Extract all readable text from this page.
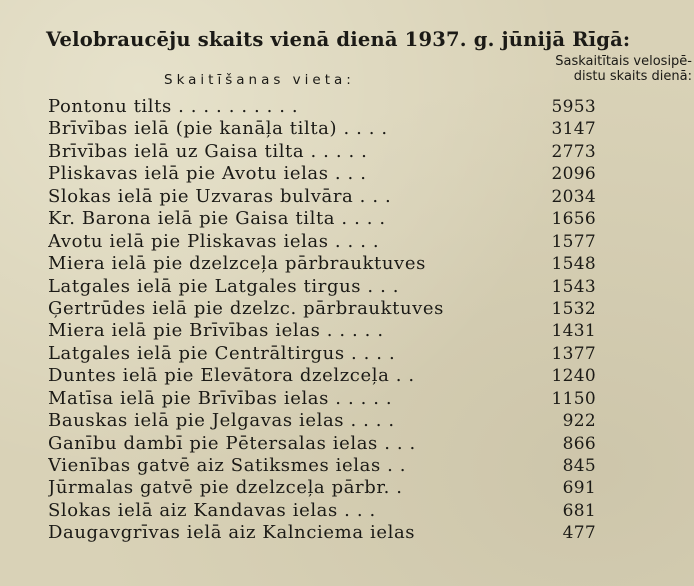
Velobraucēju skaits vienā dienā 1937. g. jūnijā Rīgā:
Skaitīšanas vieta:
Saskaitītais velosipē-
distu skaits dienā:
Pontonu tilts . . . . . . . . . .	5953
Brīvības ielā (pie kanāļa tilta) . . . .	3147
Brīvības ielā uz Gaisa tilta . . . . .	2773
Pliskavas ielā pie Avotu ielas . . .	2096
Slokas ielā pie Uzvaras bulvāra . . .	2034
Kr. Barona ielā pie Gaisa tilta . . . .	1656
Avotu ielā pie Pliskavas ielas . . . .	1577
Miera ielā pie dzelzceļa pārbrauktuves	1548
Latgales ielā pie Latgales tirgus . . .	1543
Ģertrūdes ielā pie dzelzc. pārbrauktuves	1532
Miera ielā pie Brīvības ielas . . . . .	1431
Latgales ielā pie Centrāltirgus . . . .	1377
Duntes ielā pie Elevātora dzelzceļa . .	1240
Matīsa ielā pie Brīvības ielas . . . . .	1150
Bauskas ielā pie Jelgavas ielas . . . .	922
Ganību dambī pie Pētersalas ielas . . .	866
Vienības gatvē aiz Satiksmes ielas . .	845
Jūrmalas gatvē pie dzelzceļa pārbr. .	691
Slokas ielā aiz Kandavas ielas . . .	681
Daugavgrīvas ielā aiz Kalnciema ielas	477
